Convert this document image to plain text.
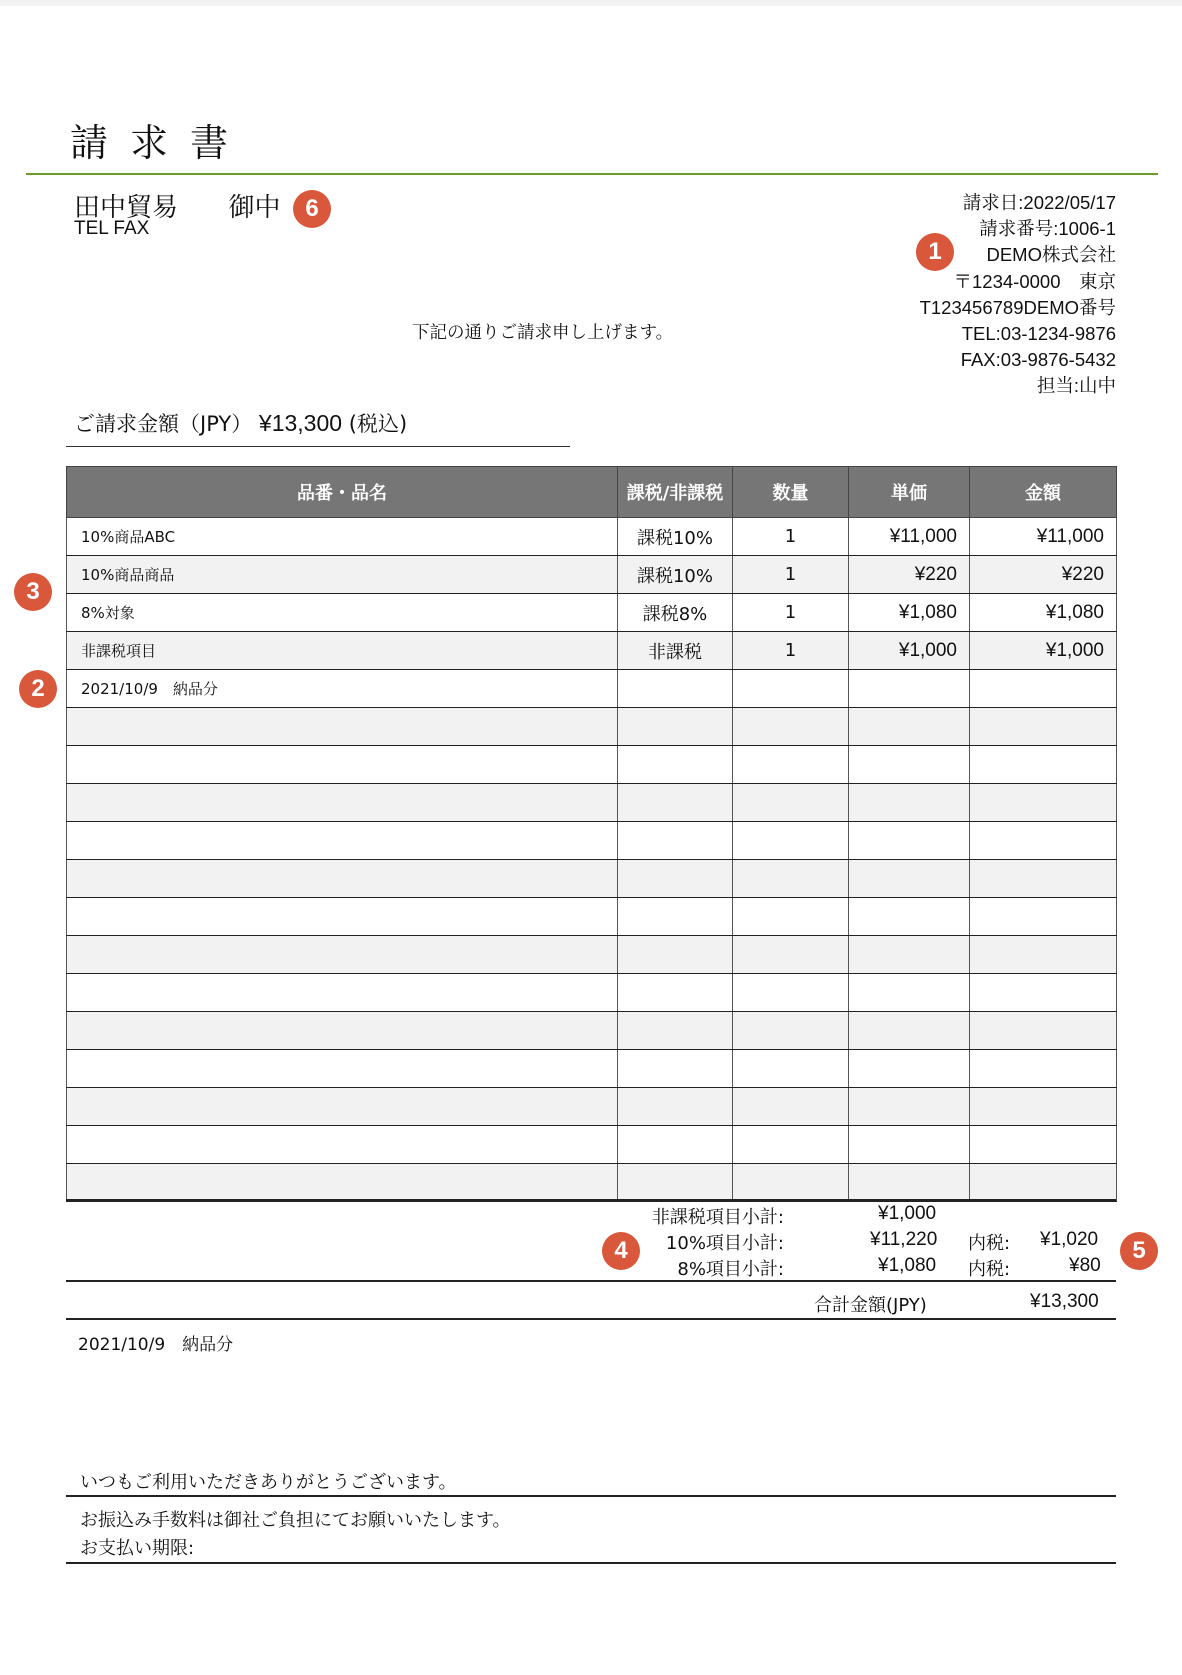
請求書
田中貿易 御中
TEL FAX
6	請求日:2022/05/17
請求番号:1006-1
DEMO株式会社
〒1234-0000　東京
T123456789DEMO番号
TEL:03-1234-9876
FAX:03-9876-5432
担当:山中
1
下記の通りご請求申し上げます。
ご請求金額（JPY） ¥13,300 (税込)
品番・品名	課税/非課税	数量	単価	金額
10%商品ABC	課税10%	1	¥11,000	¥11,000
10%商品商品	課税10%	1	¥220	¥220
8%対象	課税8%	1	¥1,080	¥1,080
非課税項目	非課税	1	¥1,000	¥1,000
2021/10/9　納品分				

3
2
非課税項目小計:	¥1,000
10%項目小計:	¥11,220 内税: ¥1,020
8%項目小計:	¥1,080 内税:	¥80
4	5
合計金額(JPY)	¥13,300
2021/10/9　納品分
いつもご利用いただきありがとうございます。
お振込み手数料は御社ご負担にてお願いいたします。
お支払い期限:
